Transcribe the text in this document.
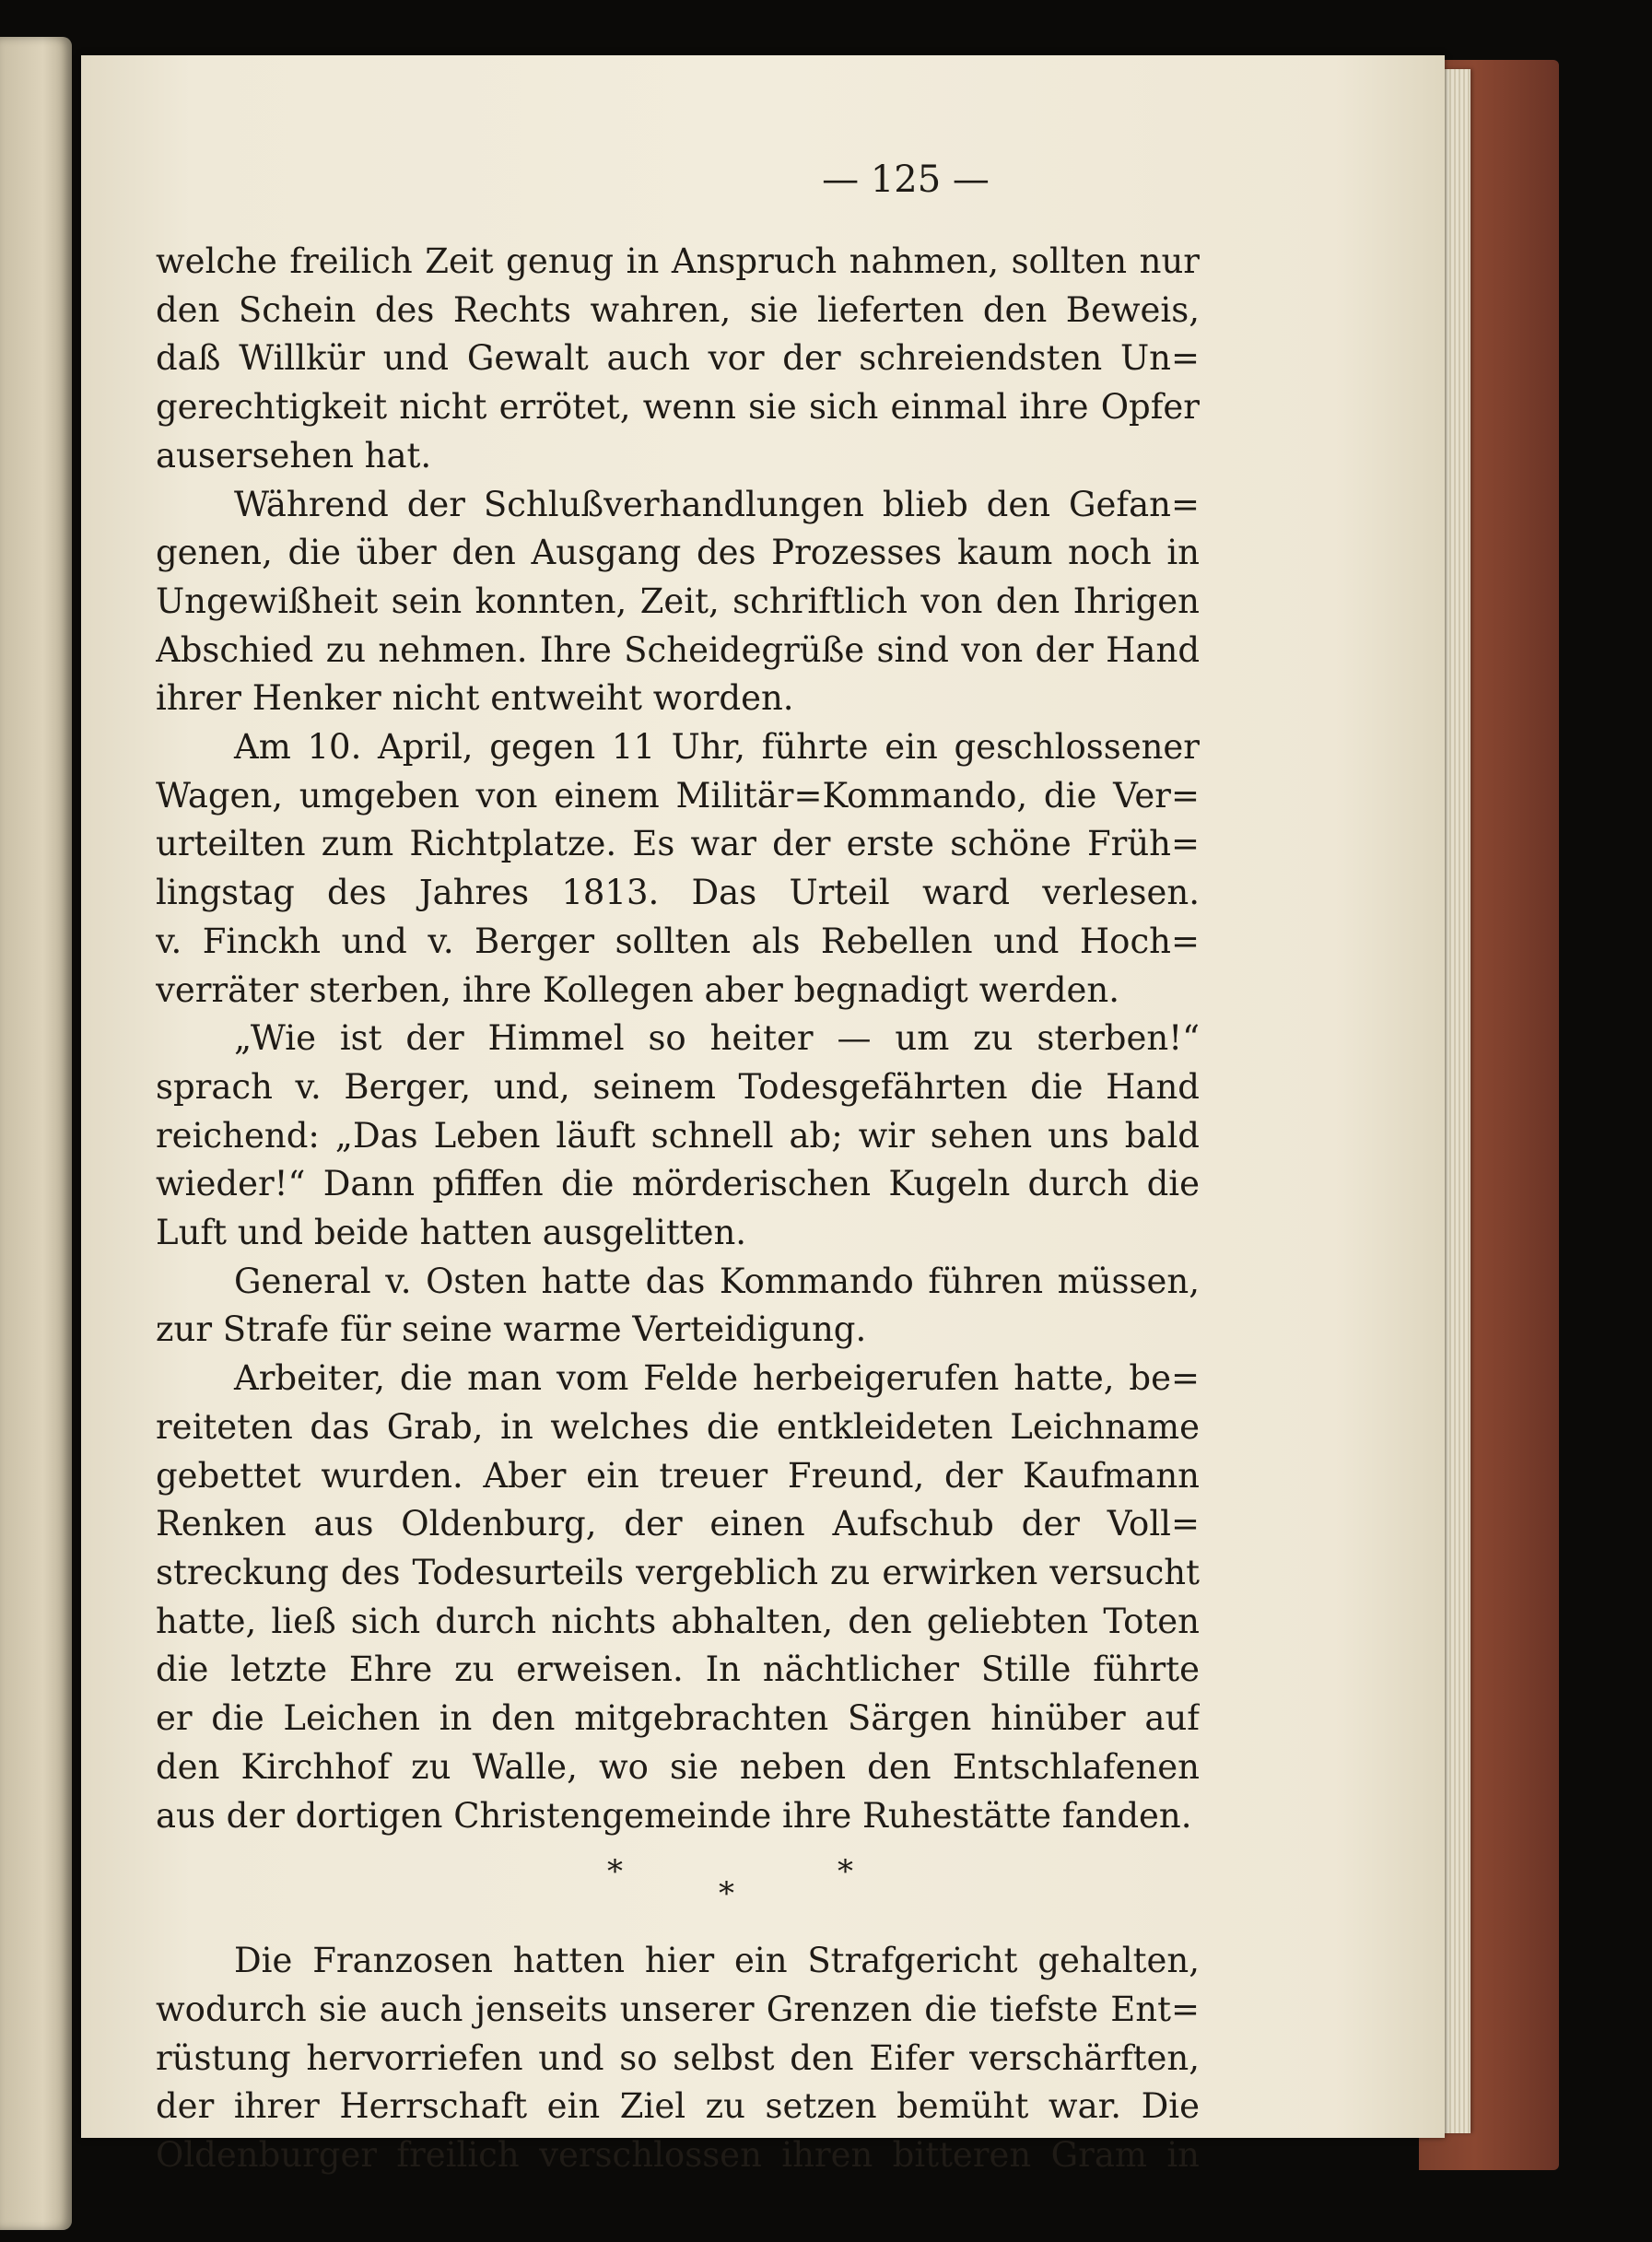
— 125 —
welche freilich Zeit genug in Anspruch nahmen, sollten nur
den Schein des Rechts wahren, sie lieferten den Beweis,
daß Willkür und Gewalt auch vor der schreiendsten Un=
gerechtigkeit nicht errötet, wenn sie sich einmal ihre Opfer
ausersehen hat.
Während der Schlußverhandlungen blieb den Gefan=
genen, die über den Ausgang des Prozesses kaum noch in
Ungewißheit sein konnten, Zeit, schriftlich von den Ihrigen
Abschied zu nehmen. Ihre Scheidegrüße sind von der Hand
ihrer Henker nicht entweiht worden.
Am 10. April, gegen 11 Uhr, führte ein geschlossener
Wagen, umgeben von einem Militär=Kommando, die Ver=
urteilten zum Richtplatze. Es war der erste schöne Früh=
lingstag des Jahres 1813. Das Urteil ward verlesen.
v. Finckh und v. Berger sollten als Rebellen und Hoch=
verräter sterben, ihre Kollegen aber begnadigt werden.
„Wie ist der Himmel so heiter — um zu sterben!“
sprach v. Berger, und, seinem Todesgefährten die Hand
reichend: „Das Leben läuft schnell ab; wir sehen uns bald
wieder!“ Dann pfiffen die mörderischen Kugeln durch die
Luft und beide hatten ausgelitten.
General v. Osten hatte das Kommando führen müssen,
zur Strafe für seine warme Verteidigung.
Arbeiter, die man vom Felde herbeigerufen hatte, be=
reiteten das Grab, in welches die entkleideten Leichname
gebettet wurden. Aber ein treuer Freund, der Kaufmann
Renken aus Oldenburg, der einen Aufschub der Voll=
streckung des Todesurteils vergeblich zu erwirken versucht
hatte, ließ sich durch nichts abhalten, den geliebten Toten
die letzte Ehre zu erweisen. In nächtlicher Stille führte
er die Leichen in den mitgebrachten Särgen hinüber auf
den Kirchhof zu Walle, wo sie neben den Entschlafenen
aus der dortigen Christengemeinde ihre Ruhestätte fanden.
*
*
*
Die Franzosen hatten hier ein Strafgericht gehalten,
wodurch sie auch jenseits unserer Grenzen die tiefste Ent=
rüstung hervorriefen und so selbst den Eifer verschärften,
der ihrer Herrschaft ein Ziel zu setzen bemüht war. Die
Oldenburger freilich verschlossen ihren bitteren Gram in
